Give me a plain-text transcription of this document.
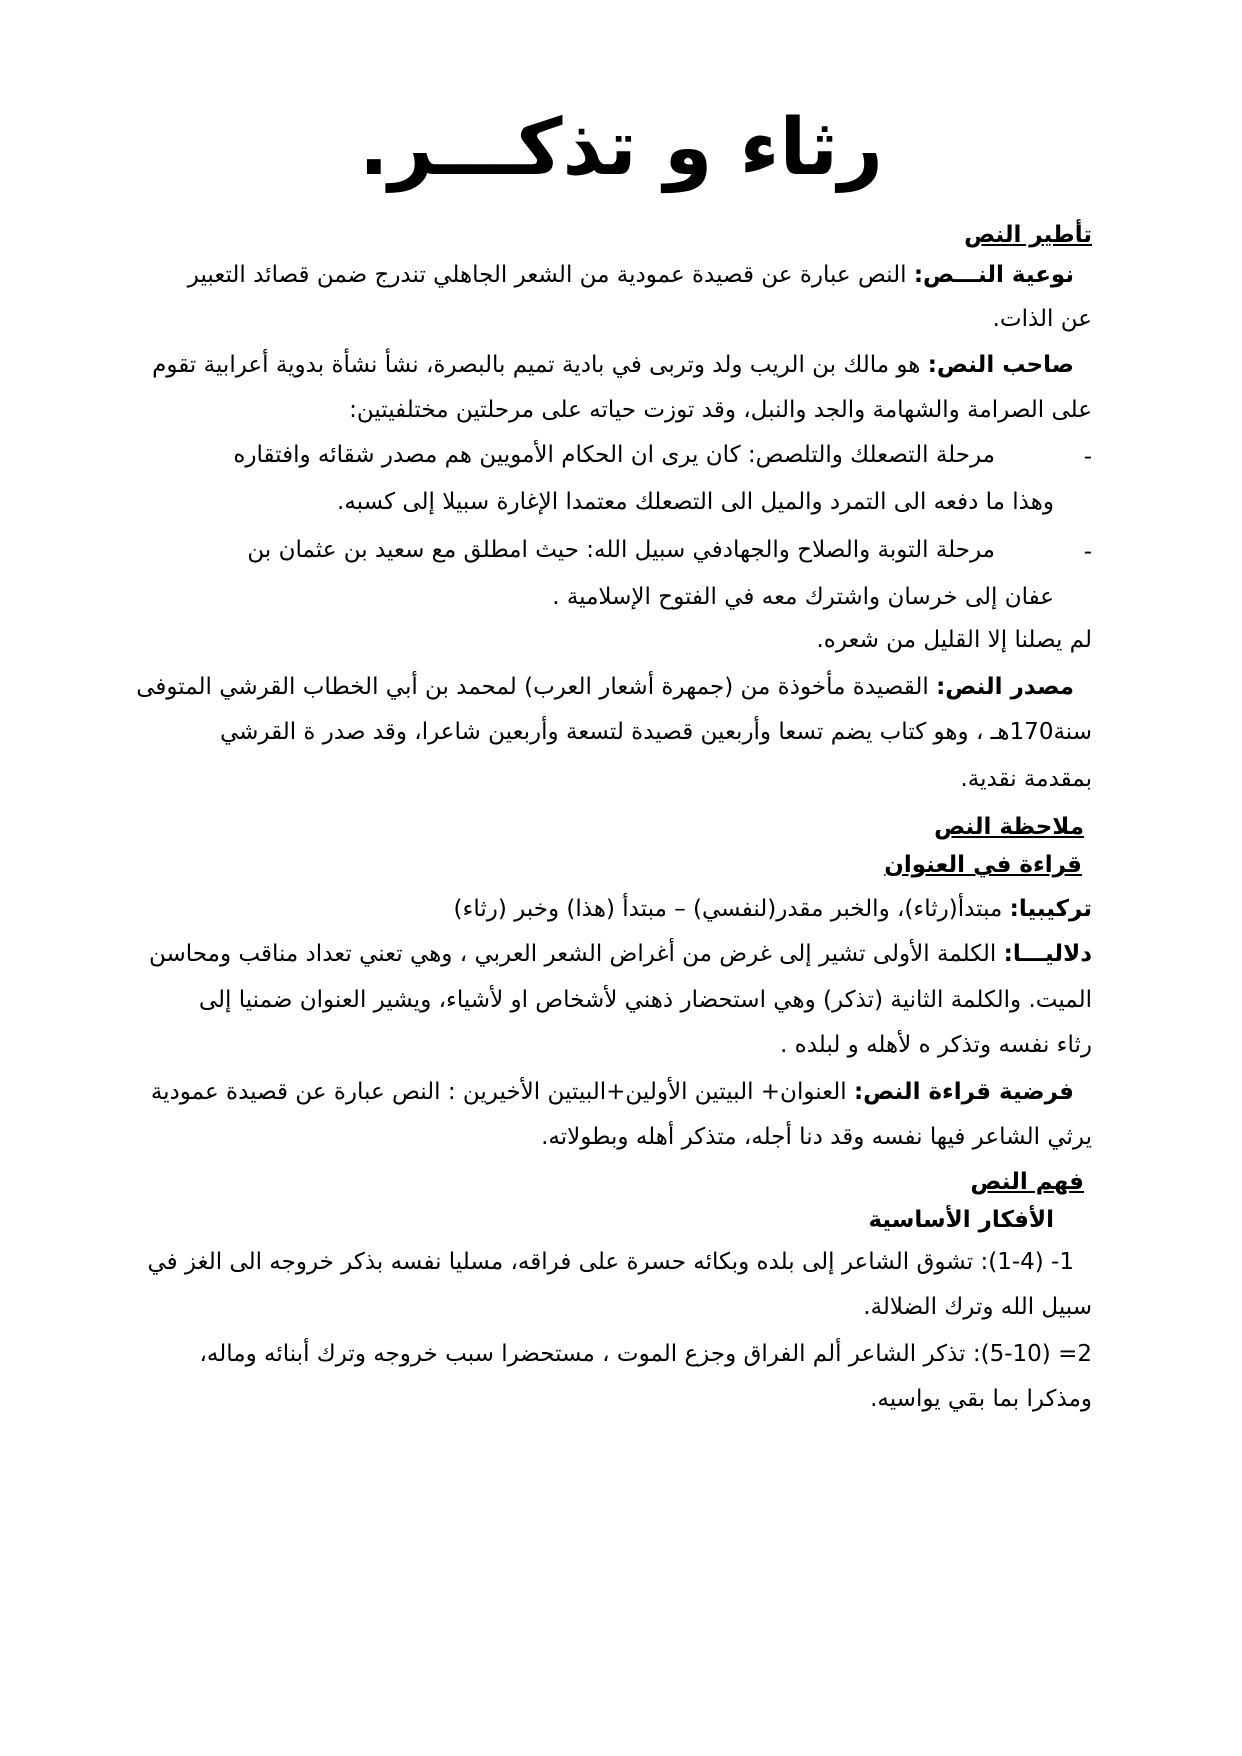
رثاء و تذكـــر.
تأطير النص
نوعية النـــص: النص عبارة عن قصيدة عمودية من الشعر الجاهلي تندرج ضمن قصائد التعبير
عن الذات.
صاحب النص: هو مالك بن الريب ولد وتربى في بادية تميم بالبصرة، نشأ نشأة بدوية أعرابية تقوم
على الصرامة والشهامة والجد والنبل، وقد توزت حياته على مرحلتين مختلفيتين:
-
مرحلة التصعلك والتلصص: كان يرى ان الحكام الأمويين هم مصدر شقائه وافتقاره
وهذا ما دفعه الى التمرد والميل الى التصعلك معتمدا الإغارة سبيلا إلى كسبه.
-
مرحلة التوبة والصلاح والجهادفي سبيل الله: حيث امطلق مع سعيد بن عثمان بن
عفان إلى خرسان واشترك معه في الفتوح الإسلامية .
لم يصلنا إلا القليل من شعره.
مصدر النص: القصيدة مأخوذة من (جمهرة أشعار العرب) لمحمد بن أبي الخطاب القرشي المتوفى
سنة170هـ ، وهو كتاب يضم تسعا وأربعين قصيدة لتسعة وأربعين شاعرا، وقد صدر ة القرشي
بمقدمة نقدية.
ملاحظة النص
قراءة في العنوان
تركيبيا: مبتدأ(رثاء)، والخبر مقدر(لنفسي) – مبتدأ (هذا) وخبر (رثاء)
دلاليـــا: الكلمة الأولى تشير إلى غرض من أغراض الشعر العربي ، وهي تعني تعداد مناقب ومحاسن
الميت. والكلمة الثانية (تذكر) وهي استحضار ذهني لأشخاص او لأشياء، ويشير العنوان ضمنيا إلى
رثاء نفسه وتذكر ه لأهله و لبلده .
فرضية قراءة النص: العنوان+ البيتين الأولين+البيتين الأخيرين : النص عبارة عن قصيدة عمودية
يرثي الشاعر فيها نفسه وقد دنا أجله، متذكر أهله وبطولاته.
فهم النص
الأفكار الأساسية
1- (1-4): تشوق الشاعر إلى بلده وبكائه حسرة على فراقه، مسليا نفسه بذكر خروجه الى الغز في
سبيل الله وترك الضلالة.
2= (5-10): تذكر الشاعر ألم الفراق وجزع الموت ، مستحضرا سبب خروجه وترك أبنائه وماله،
ومذكرا بما بقي يواسيه.
